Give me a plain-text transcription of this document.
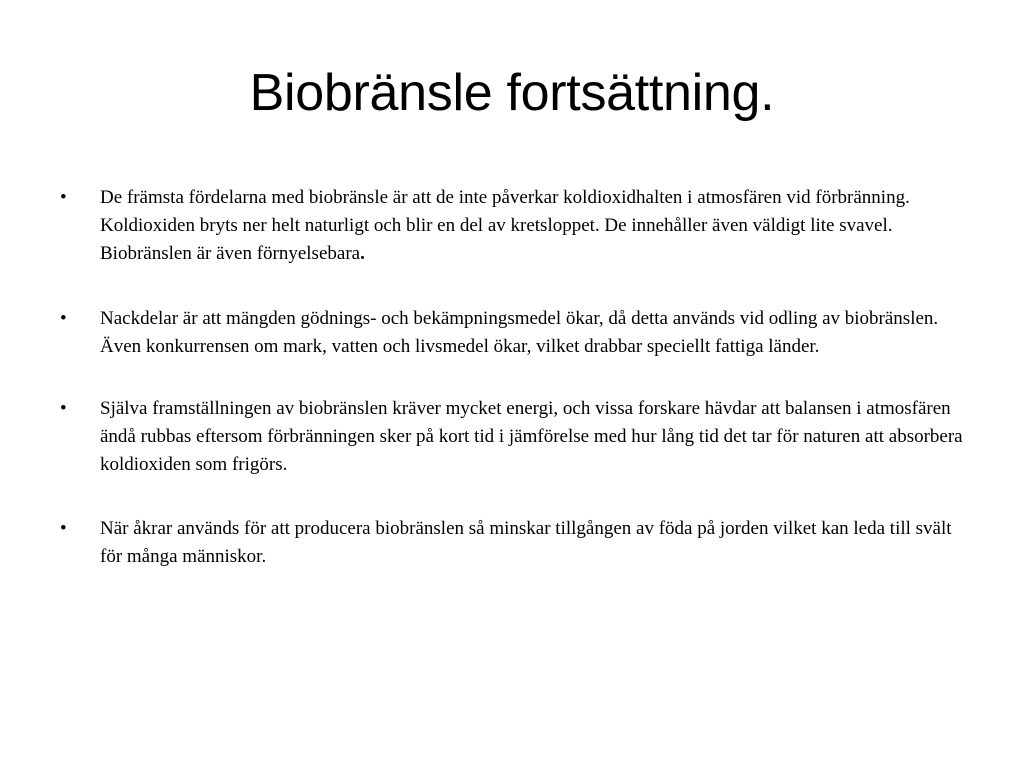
Biobränsle fortsättning.
•	De främsta fördelarna med biobränsle är att de inte påverkar koldioxidhalten i atmosfären vid förbränning. Koldioxiden bryts ner helt naturligt och blir en del av kretsloppet. De innehåller även väldigt lite svavel. Biobränslen är även förnyelsebara.
•	Nackdelar är att mängden gödnings- och bekämpningsmedel ökar, då detta används vid odling av biobränslen. Även konkurrensen om mark, vatten och livsmedel ökar, vilket drabbar speciellt fattiga länder.
•	Själva framställningen av biobränslen kräver mycket energi, och vissa forskare hävdar att balansen i atmosfären ändå rubbas eftersom förbränningen sker på kort tid i jämförelse med hur lång tid det tar för naturen att absorbera koldioxiden som frigörs.
•	När åkrar används för att producera biobränslen så minskar tillgången av föda på jorden vilket kan leda till svält för många människor.
